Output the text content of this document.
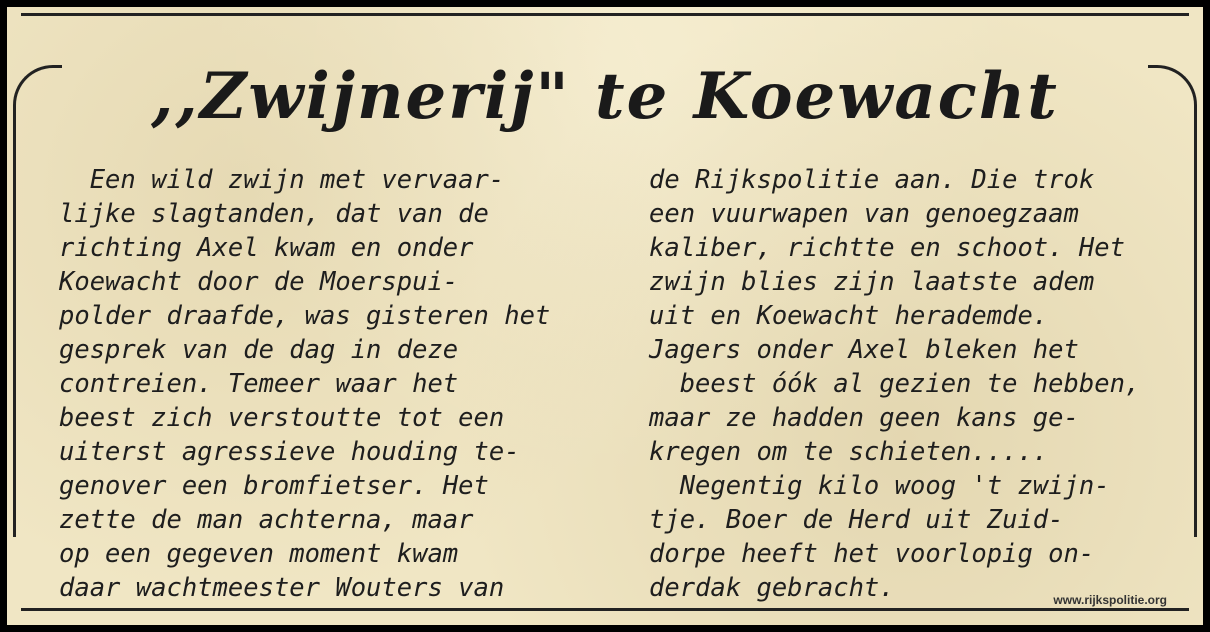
,,Zwijnerij" te Koewacht
Een wild zwijn met vervaar-
lijke slagtanden, dat van de
richting Axel kwam en onder
Koewacht door de Moerspui-
polder draafde, was gisteren het
gesprek van de dag in deze
contreien. Temeer waar het
beest zich verstoutte tot een
uiterst agressieve houding te-
genover een bromfietser. Het
zette de man achterna, maar
op een gegeven moment kwam
daar wachtmeester Wouters van
de Rijkspolitie aan. Die trok
een vuurwapen van genoegzaam
kaliber, richtte en schoot. Het
zwijn blies zijn laatste adem
uit en Koewacht herademde.
Jagers onder Axel bleken het
beest óók al gezien te hebben,
maar ze hadden geen kans ge-
kregen om te schieten.....
Negentig kilo woog 't zwijn-
tje. Boer de Herd uit Zuid-
dorpe heeft het voorlopig on-
derdak gebracht.	www.rijkspolitie.org
